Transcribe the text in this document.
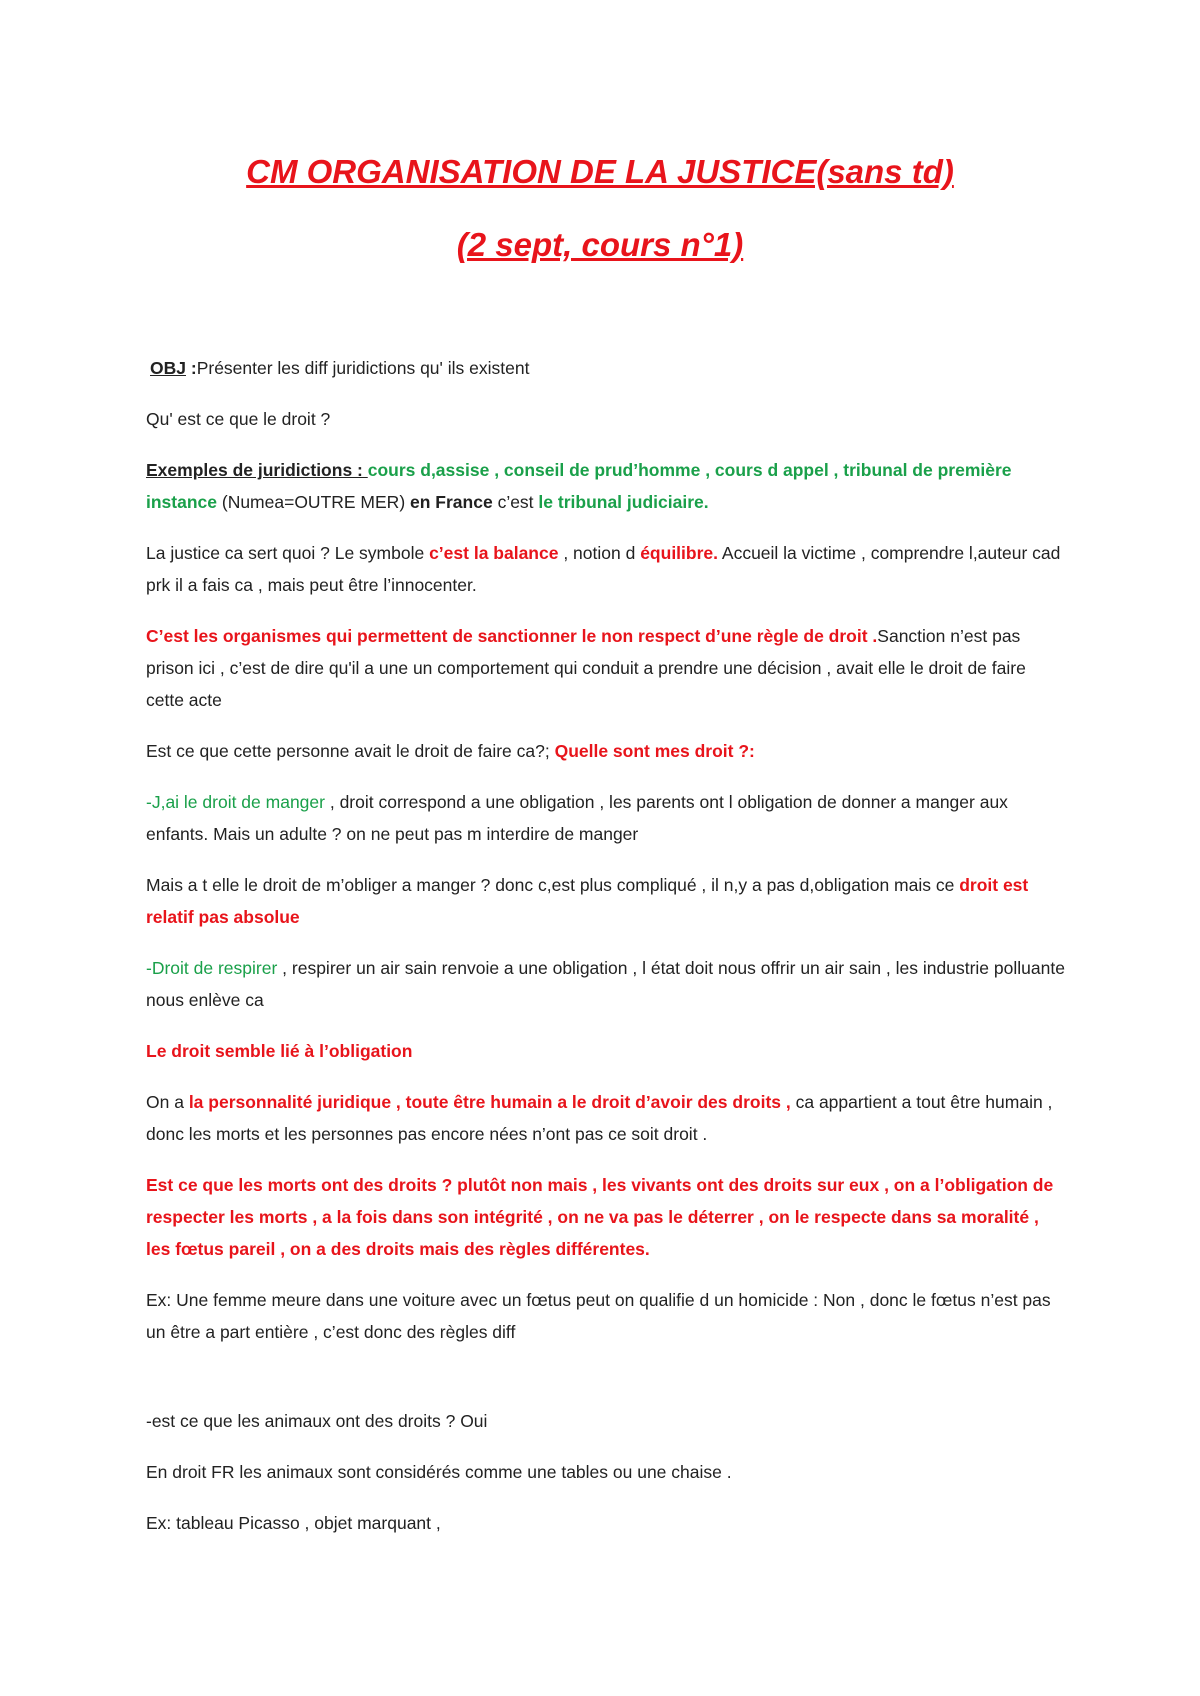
CM ORGANISATION DE LA JUSTICE(sans td)
(2 sept, cours n°1)

OBJ :Présenter les diff juridictions qu' ils existent

Qu' est ce que le droit ?

Exemples de juridictions : cours d,assise , conseil de prud’homme , cours d appel , tribunal de première instance (Numea=OUTRE MER) en France c’est le tribunal judiciaire.

La justice ca sert quoi ? Le symbole c’est la balance , notion d équilibre. Accueil la victime , comprendre l,auteur cad prk il a fais ca , mais peut être l’innocenter.

C’est les organismes qui permettent de sanctionner le non respect d’une règle de droit .Sanction n’est pas prison ici , c’est de dire qu'il a une un comportement qui conduit a prendre une décision , avait elle le droit de faire cette acte

Est ce que cette personne avait le droit de faire ca?; Quelle sont mes droit ?:

-J,ai le droit de manger , droit correspond a une obligation , les parents ont l obligation de donner a manger aux enfants. Mais un adulte ? on ne peut pas m interdire de manger

Mais a t elle le droit de m’obliger a manger ? donc c,est plus compliqué , il n,y a pas d,obligation mais ce droit est relatif pas absolue

-Droit de respirer , respirer un air sain renvoie a une obligation , l état doit nous offrir un air sain , les industrie polluante nous enlève ca

Le droit semble lié à l’obligation

On a la personnalité juridique , toute être humain a le droit d’avoir des droits , ca appartient a tout être humain , donc les morts et les personnes pas encore nées n’ont pas ce soit droit .

Est ce que les morts ont des droits ? plutôt non mais , les vivants ont des droits sur eux , on a l’obligation de respecter les morts , a la fois dans son intégrité , on ne va pas le déterrer , on le respecte dans sa moralité , les fœtus pareil , on a des droits mais des règles différentes.

Ex: Une femme meure dans une voiture avec un fœtus peut on qualifie d un homicide : Non , donc le fœtus n’est pas un être a part entière , c’est donc des règles diff

-est ce que les animaux ont des droits ? Oui

En droit FR les animaux sont considérés comme une tables ou une chaise .

Ex: tableau Picasso , objet marquant ,
